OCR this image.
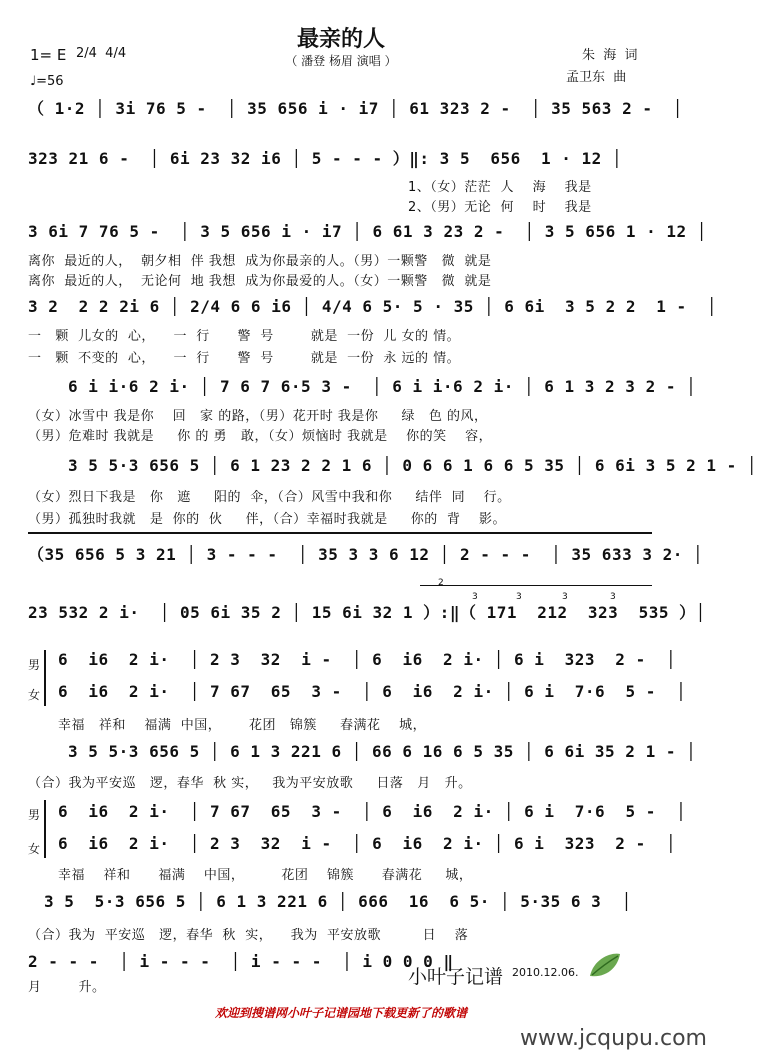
最亲的人
（ 潘登 杨眉 演唱 ）
1= E 2/4  4/4
♩=56
朱  海  词
孟卫东  曲
（ 1·2 │ 3i 76 5 -  │ 35 656 i · i7 │ 61 323 2 -  │ 35 563 2 -  │
323 21 6 -  │ 6i 23 32 i6 │ 5 - - - ）‖: 3 5  656  1 · 12 │
1、（女）茫茫  人    海    我是
2、（男）无论  何    时    我是
3 6i 7 76 5 -  │ 3 5 656 i · i7 │ 6 61 3 23 2 -  │ 3 5 656 1 · 12 │
离你  最近的人，  朝夕相  伴 我想  成为你最亲的人。（男）一颗警   微  就是
离你  最近的人，  无论何  地 我想  成为你最爱的人。（女）一颗警   微  就是
3 2  2 2 2i 6 │ 2/4 6 6 i6 │ 4/4 6 5· 5 · 35 │ 6 6i  3 5 2 2  1 -  │
一   颗  儿女的  心，    一  行      警  号        就是  一份  儿 女的 情。
一   颗  不变的  心，    一  行      警  号        就是  一份  永 远的 情。
6 i i·6 2 i· │ 7 6 7 6·5 3 -  │ 6 i i·6 2 i· │ 6 1 3 2 3 2 - │
（女）冰雪中 我是你    回   家 的路，（男）花开时 我是你     绿   色 的风，
（男）危难时 我就是     你 的 勇   敢，（女）烦恼时 我就是    你的笑    容，
3 5 5·3 656 5 │ 6 1 23 2 2 1 6 │ 0 6 6 1 6 6 5 35 │ 6 6i 3 5 2 1 - │
（女）烈日下我是   你   遮     阳的  伞，（合）风雪中我和你     结伴  同    行。
（男）孤独时我就   是  你的  伙     伴，（合）幸福时我就是     你的  背    影。
（35 656 5 3 21 │ 3 - - -  │ 35 3 3 6 12 │ 2 - - -  │ 35 633 3 2· │
2
3	3	3	3
23 532 2 i·  │ 05 6i 35 2 │ 15 6i 32 1 ）:‖（ 171  212  323  535 ）│
男
女
6  i6  2 i·  │ 2 3  32  i -  │ 6  i6  2 i· │ 6 i  323  2 -  │
6  i6  2 i·  │ 7 67  65  3 -  │ 6  i6  2 i· │ 6 i  7·6  5 -  │
幸福   祥和    福满  中国，      花团   锦簇     春满花    城，
3 5 5·3 656 5 │ 6 1 3 221 6 │ 66 6 16 6 5 35 │ 6 6i 35 2 1 - │
（合）我为平安巡   逻，春华  秋 实，   我为平安放歌     日落   月   升。
男
女
6  i6  2 i·  │ 7 67  65  3 -  │ 6  i6  2 i· │ 6 i  7·6  5 -  │
6  i6  2 i·  │ 2 3  32  i -  │ 6  i6  2 i· │ 6 i  323  2 -  │
幸福    祥和      福满    中国，        花团    锦簇      春满花     城，
3 5  5·3 656 5 │ 6 1 3 221 6 │ 666  16  6 5· │ 5·35 6 3  │
（合）我为  平安巡   逻，春华  秋  实，    我为  平安放歌         日    落
2 - - -  │ i - - -  │ i - - -  │ i 0 0 0 ‖
月        升。	小叶子记谱 2010.12.06.
欢迎到搜谱网小叶子记谱园地下载更新了的歌谱
www.jcqupu.com
